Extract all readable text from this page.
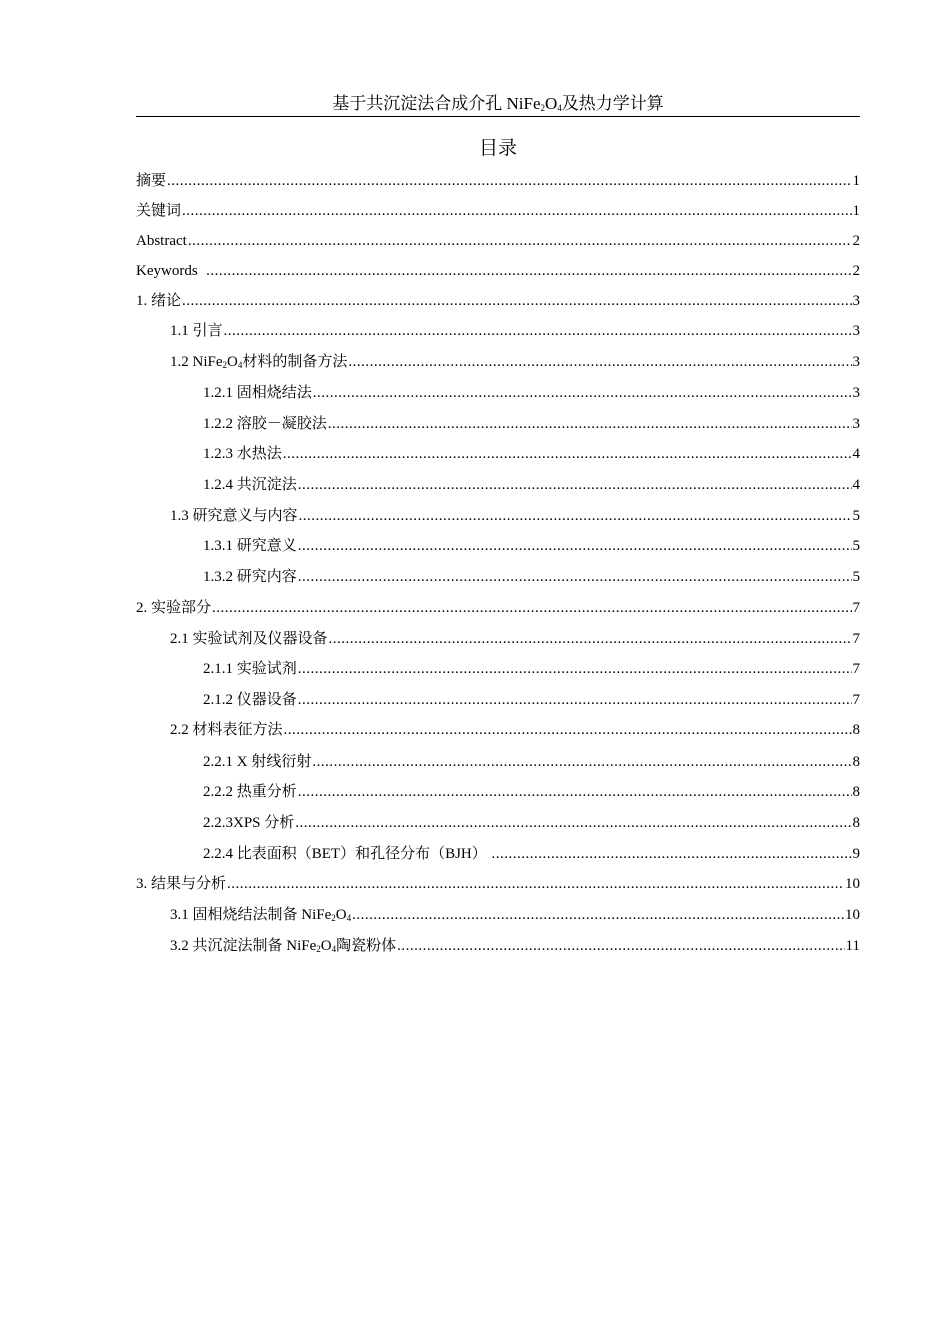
基于共沉淀法合成介孔 $NiFe_2O_4$及热力学计算
目录
摘要 .....	1
关键词 .....	1
Abstract .....	2
Keywords .....	2
1. 绪论 .....	3
1.1 引言 .....	3
1.2 $NiFe_2O_4$材料的制备方法 .....	3
1.2.1 固相烧结法 .....	3
1.2.2 溶胶－凝胶法 .....	3
1.2.3 水热法 .....	4
1.2.4 共沉淀法 .....	4
1.3 研究意义与内容 .....	5
1.3.1 研究意义 .....	5
1.3.2 研究内容 .....	5
2. 实验部分 .....	7
2.1 实验试剂及仪器设备 .....	7
2.1.1 实验试剂 .....	7
2.1.2 仪器设备 .....	7
2.2 材料表征方法 .....	8
2.2.1 X 射线衍射 .....	8
2.2.2 热重分析 .....	8
2.2.3XPS 分析 .....	8
2.2.4 比表面积（BET）和孔径分布（BJH） .....	9
3. 结果与分析 .....	10
3.1 固相烧结法制备 $NiFe_2O_4$ .....	10
3.2 共沉淀法制备 $NiFe_2O_4$陶瓷粉体 .....	11
